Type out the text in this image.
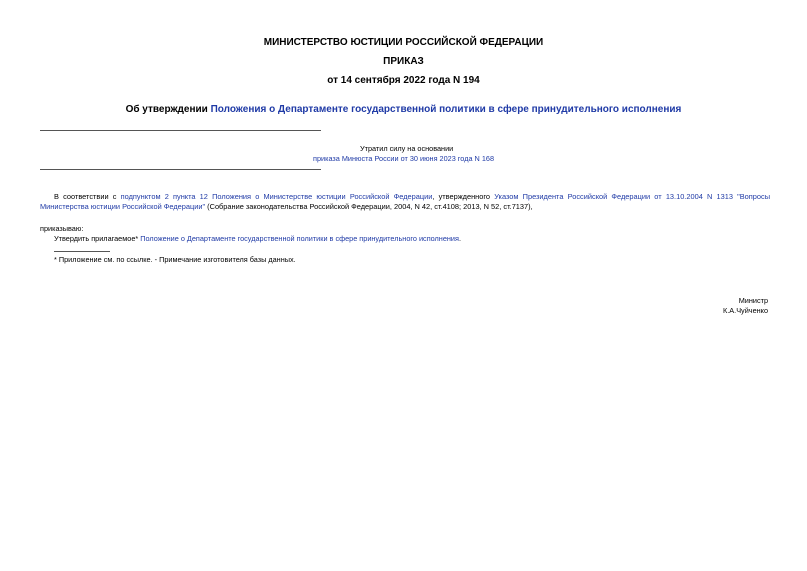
МИНИСТЕРСТВО ЮСТИЦИИ РОССИЙСКОЙ ФЕДЕРАЦИИ
ПРИКАЗ
от 14 сентября 2022 года N 194
Об утверждении Положения о Департаменте государственной политики в сфере принудительного исполнения
Утратил силу на основании
приказа Минюста России от 30 июня 2023 года N 168
В соответствии с подпунктом 2 пункта 12 Положения о Министерстве юстиции Российской Федерации, утвержденного Указом Президента Российской Федерации от 13.10.2004 N 1313 "Вопросы Министерства юстиции Российской Федерации" (Собрание законодательства Российской Федерации, 2004, N 42, ст.4108; 2013, N 52, ст.7137),
приказываю:
Утвердить прилагаемое* Положение о Департаменте государственной политики в сфере принудительного исполнения.
* Приложение см. по ссылке. - Примечание изготовителя базы данных.
Министр
К.А.Чуйченко
